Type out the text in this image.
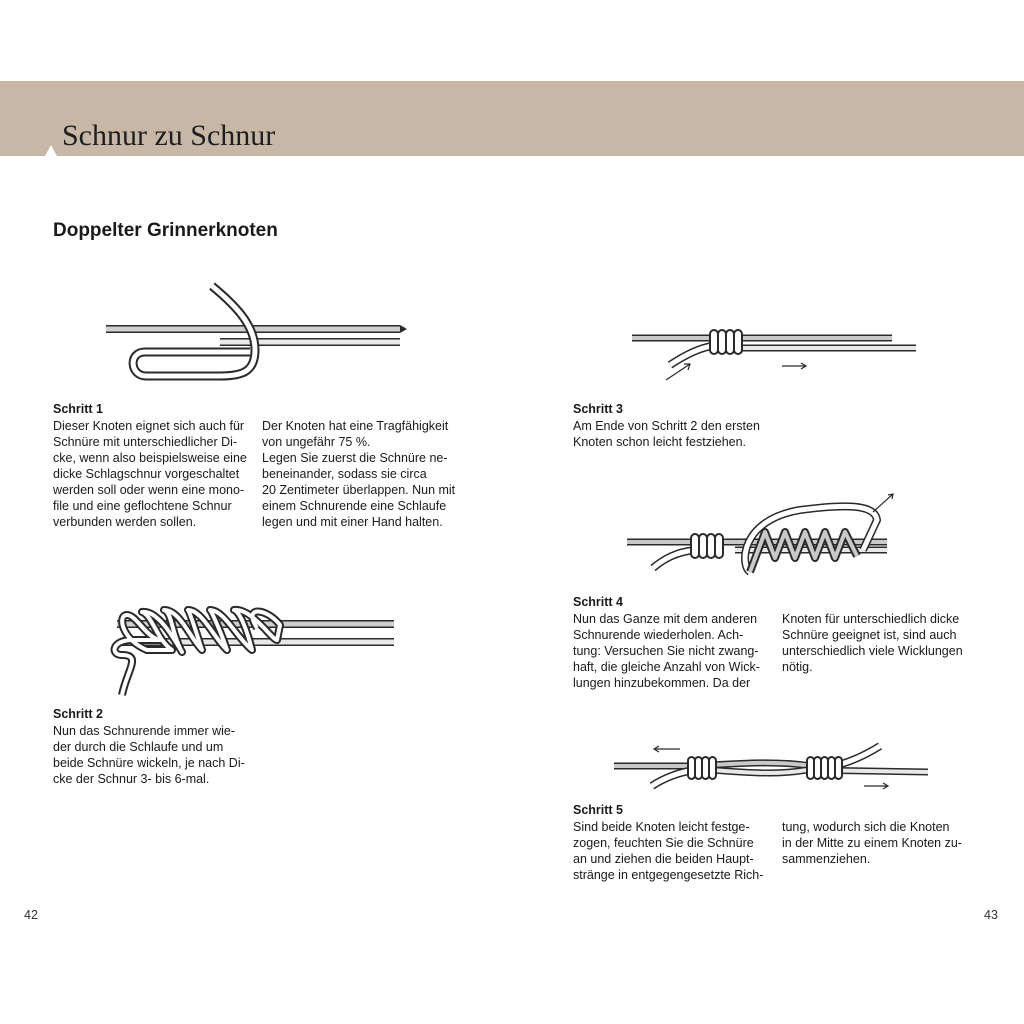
Schnur zu Schnur
Doppelter Grinnerknoten
Schritt 1

Dieser Knoten eignet sich auch für
Schnüre mit unterschiedlicher Di-
cke, wenn also beispielsweise eine
dicke Schlagschnur vorgeschaltet
werden soll oder wenn eine mono-
file und eine geflochtene Schnur
verbunden werden sollen.

Der Knoten hat eine Tragfähigkeit
von ungefähr 75 %.
Legen Sie zuerst die Schnüre ne-
beneinander, sodass sie circa
20 Zentimeter überlappen. Nun mit
einem Schnurende eine Schlaufe
legen und mit einer Hand halten.

Schritt 2

Nun das Schnurende immer wie-
der durch die Schlaufe und um
beide Schnüre wickeln, je nach Di-
cke der Schnur 3- bis 6-mal.

Schritt 3

Am Ende von Schritt 2 den ersten
Knoten schon leicht festziehen.

Schritt 4

Nun das Ganze mit dem anderen
Schnurende wiederholen. Ach-
tung: Versuchen Sie nicht zwang-
haft, die gleiche Anzahl von Wick-
lungen hinzubekommen. Da der

Knoten für unterschiedlich dicke
Schnüre geeignet ist, sind auch
unterschiedlich viele Wicklungen
nötig.

Schritt 5

Sind beide Knoten leicht festge-
zogen, feuchten Sie die Schnüre
an und ziehen die beiden Haupt-
stränge in entgegengesetzte Rich-

tung, wodurch sich die Knoten
in der Mitte zu einem Knoten zu-
sammenziehen.

42	43
